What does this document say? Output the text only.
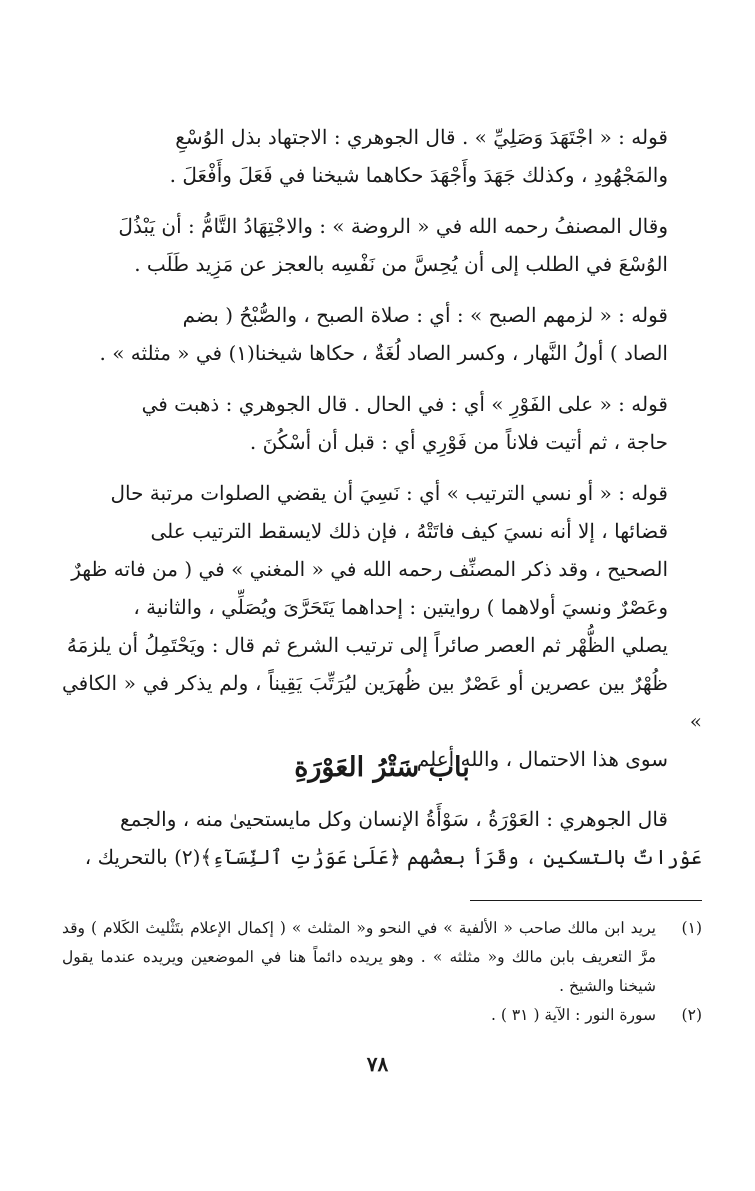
قوله : « اجْتَهَدَ وَصَلِيِّ » . قال الجوهري : الاجتهاد بذل الوُسْعِ
والمَجْهُودِ ، وكذلك جَهَدَ وأَجْهَدَ حكاهما شيخنا في فَعَلَ وأَفْعَلَ .

وقال المصنفُ رحمه الله في « الروضة » : والاجْتِهَادُ التَّامُّ : أن يَبْذُلَ
الوُسْعَ في الطلب إلى أن يُحِسَّ من نَفْسِه بالعجز عن مَزِيد طَلَب .

قوله : « لزمهم الصبح » : أي : صلاة الصبح ، والصُّبْحُ ( بضم
الصاد ) أولُ النَّهار ، وكسر الصاد لُغَةٌ ، حكاها شيخنا(١) في « مثلثه » .

قوله : « على الفَوْرِ » أي : في الحال . قال الجوهري : ذهبت في
حاجة ، ثم أتيت فلاناً من فَوْرِي أي : قبل أن أسْكُنَ .

قوله : « أو نسي الترتيب » أي : نَسِيَ أن يقضي الصلوات مرتبة حال
قضائها ، إلا أنه نسيَ كيف فاتَتْهُ ، فإن ذلك لايسقط الترتيب على
الصحيح ، وقد ذكر المصنِّف رحمه الله في « المغني » في ( من فاته ظهرٌ
وعَصْرٌ ونسيَ أولاهما ) روايتين : إحداهما يَتَحَرَّىَ ويُصَلِّي ، والثانية ،
يصلي الظُّهْر ثم العصر صائراً إلى ترتيب الشرع ثم قال : ويَحْتَمِلُ أن يلزمَهُ
ظُهْرٌ بين عصرين أو عَصْرٌ بين ظُهرَين ليُرَتِّبَ يَقِيناً ، ولم يذكر في « الكافي »
سوى هذا الاحتمال ، والله أعلم .

باب سَتْرُ العَوْرَةِ
قال الجوهري : العَوْرَةُ ، سَوْأَةُ الإنسان وكل مايستحيىٰ منه ، والجمع
عَوْراتٌ بالتسكين ، وقَرَأ بعضُهم ﴿عَلَىٰ عَوَرَٰتِ ٱلنِّسَآءِ﴾(٢) بالتحريك ،
(١)
يريد ابن مالك صاحب « الألفية » في النحو و« المثلث » ( إكمال الإعلام بتَثْليث الكَلام ) وقد مرَّ التعريف بابن مالك و« مثلثه » . وهو يريده دائماً هنا في الموضعين ويريده عندما يقول شيخنا والشيخ .
(٢)
سورة النور : الآية ( ٣١ ) .
٧٨
